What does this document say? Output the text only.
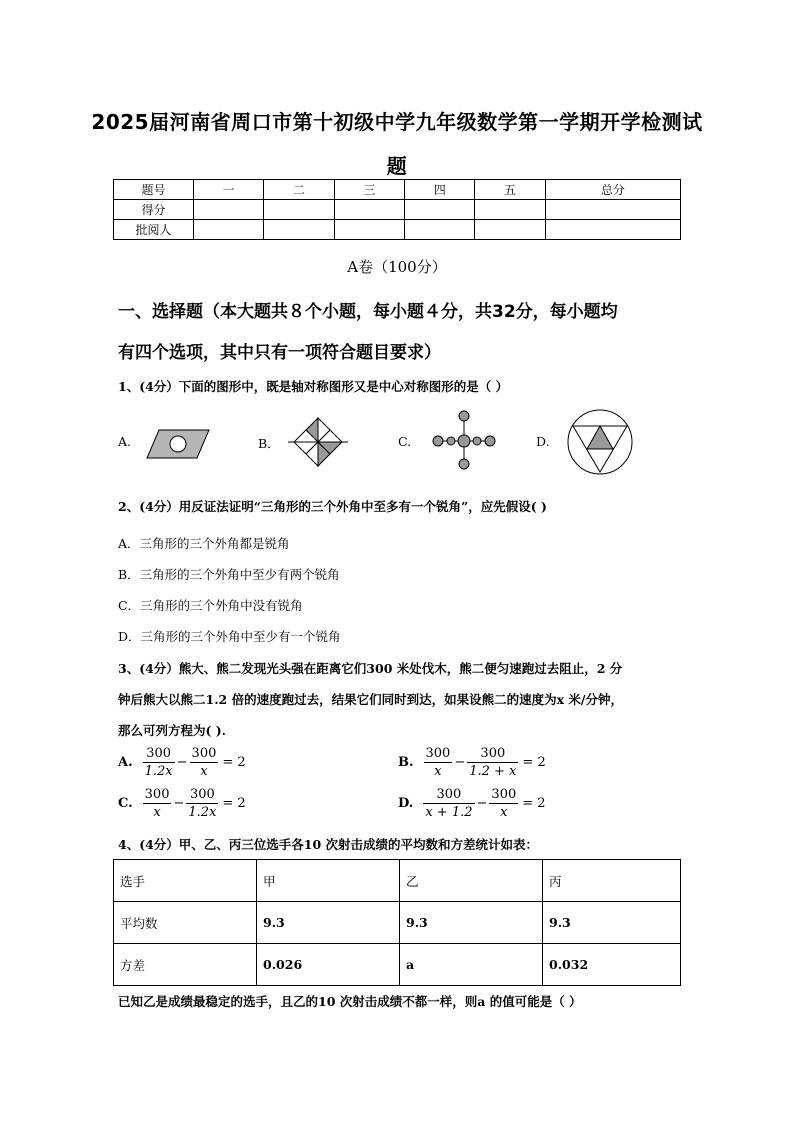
2025届河南省周口市第十初级中学九年级数学第一学期开学检测试
题
题号	一	二	三	四	五	总分
得分						
批阅人						
A卷（100分）
一、选择题（本大题共８个小题，每小题４分，共32分，每小题均
有四个选项，其中只有一项符合题目要求）
1、(4分）下面的图形中，既是轴对称图形又是中心对称图形的是（ ）
A.	B．	C.	D.
2、(4分）用反证法证明“三角形的三个外角中至多有一个锐角”，应先假设( )
A．三角形的三个外角都是锐角
B．三角形的三个外角中至少有两个锐角
C．三角形的三个外角中没有锐角
D．三角形的三个外角中至少有一个锐角
3、(4分）熊大、熊二发现光头强在距离它们300 米处伐木，熊二便匀速跑过去阻止，2 分
钟后熊大以熊二1.2 倍的速度跑过去，结果它们同时到达，如果设熊二的速度为x 米/分钟，
那么可列方程为( ).
A. $\frac{300}{1.2x} - \frac{300}{x} = 2$	B. $\frac{300}{x} - \frac{300}{1.2 + x} = 2$
C. $\frac{300}{x} - \frac{300}{1.2x} = 2$	D. $\frac{300}{x + 1.2} - \frac{300}{x} = 2$
4、(4分）甲、乙、丙三位选手各10 次射击成绩的平均数和方差统计如表：
选手	甲	乙	丙
平均数	9.3	9.3	9.3
方差	0.026	a	0.032
已知乙是成绩最稳定的选手，且乙的10 次射击成绩不都一样，则a 的值可能是（ ）
